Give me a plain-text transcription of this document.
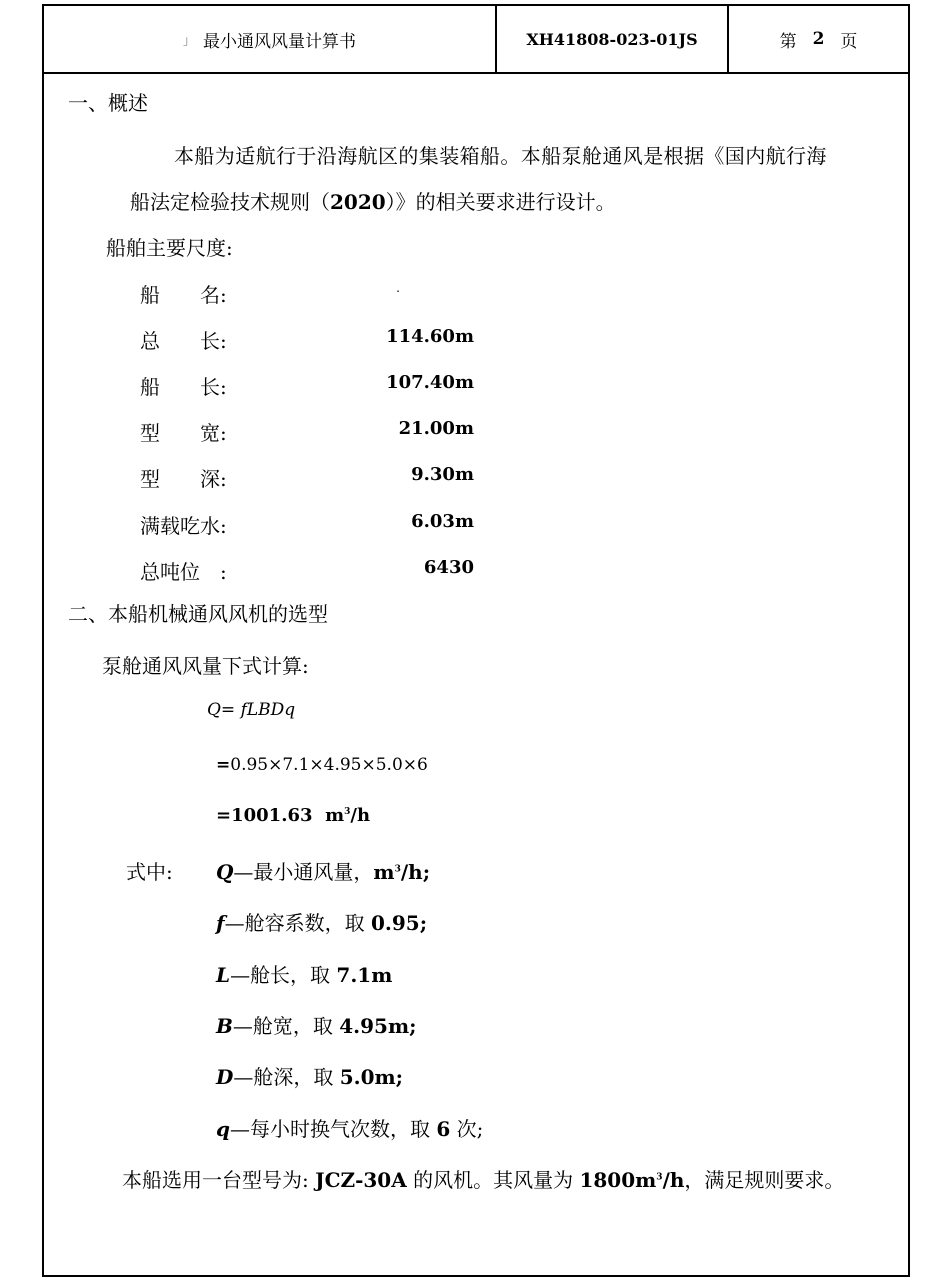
」 最小通风风量计算书	XH41808-023-01JS	第 2 页
一、概述
本船为适航行于沿海航区的集装箱船。本船泵舱通风是根据《国内航行海
船法定检验技术规则（2020）》的相关要求进行设计。
船舶主要尺度:
船　　名:	.
总　　长:	114.60m
船　　长:	107.40m
型　　宽:	21.00m
型　　深:	9.30m
满载吃水:	6.03m
总吨位　:	6430
二、本船机械通风风机的选型
泵舱通风风量下式计算:
Q= fLBDq
=0.95×7.1×4.95×5.0×6
=1001.63 $m^3/h$
式中: Q—最小通风量，$m^3/h$;
f—舱容系数，取 0.95;
L—舱长，取 7.1m
B—舱宽，取 4.95m;
D—舱深，取 5.0m;
q—每小时换气次数，取 6 次;
本船选用一台型号为: JCZ-30A 的风机。其风量为 $1800m^3/h$，满足规则要求。
